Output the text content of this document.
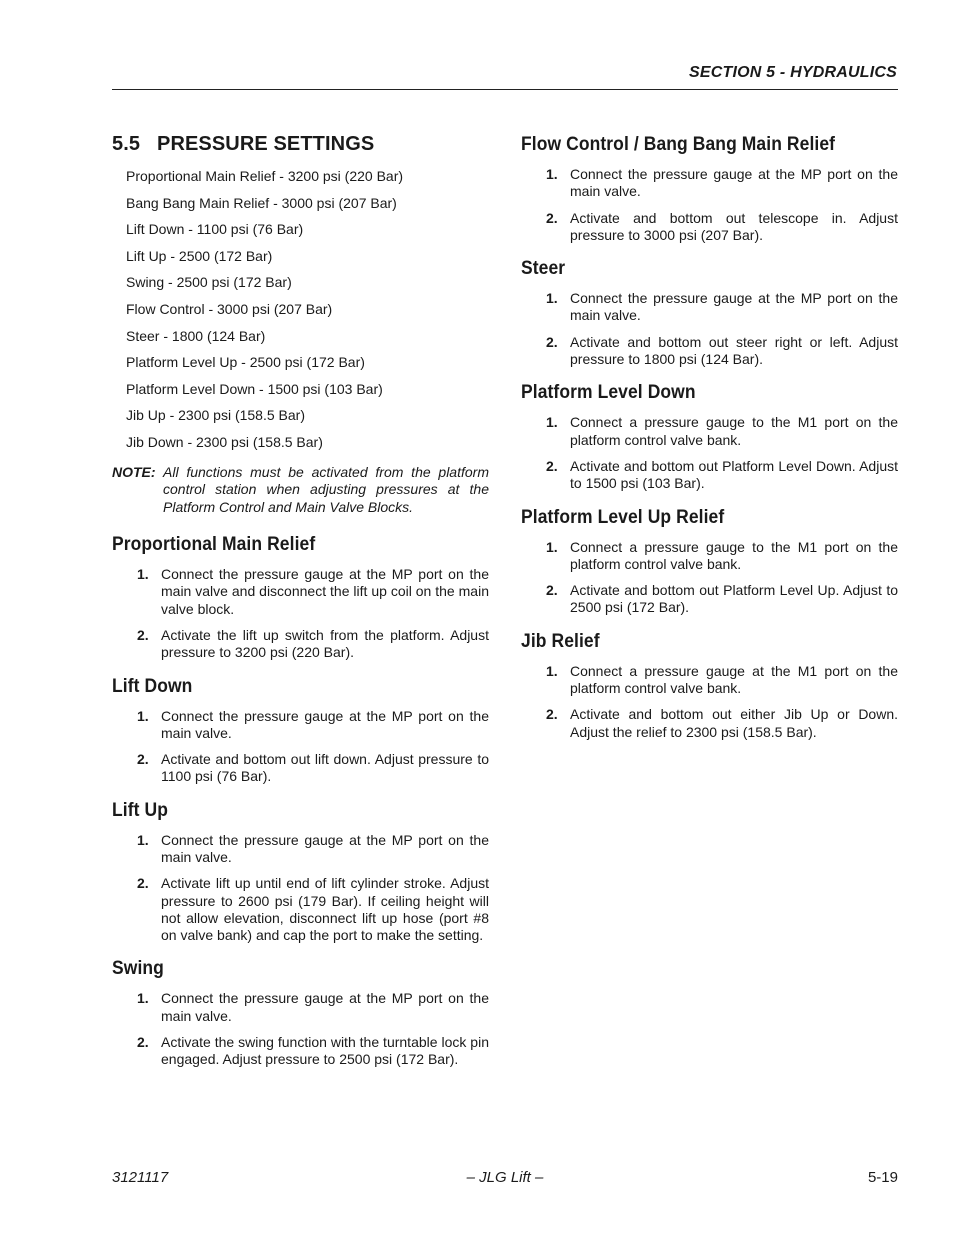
SECTION 5 - HYDRAULICS
5.5 PRESSURE SETTINGS
Proportional Main Relief - 3200 psi (220 Bar)
Bang Bang Main Relief - 3000 psi (207 Bar)
Lift Down - 1100 psi (76 Bar)
Lift Up - 2500 (172 Bar)
Swing - 2500 psi (172 Bar)
Flow Control - 3000 psi (207 Bar)
Steer - 1800 (124 Bar)
Platform Level Up - 2500 psi (172 Bar)
Platform Level Down - 1500 psi (103 Bar)
Jib Up - 2300 psi (158.5 Bar)
Jib Down - 2300 psi (158.5 Bar)
NOTE: All functions must be activated from the platform control station when adjusting pressures at the Platform Control and Main Valve Blocks.
Proportional Main Relief
1. Connect the pressure gauge at the MP port on the main valve and disconnect the lift up coil on the main valve block.
2. Activate the lift up switch from the platform. Adjust pressure to 3200 psi (220 Bar).
Lift Down
1. Connect the pressure gauge at the MP port on the main valve.
2. Activate and bottom out lift down. Adjust pressure to 1100 psi (76 Bar).
Lift Up
1. Connect the pressure gauge at the MP port on the main valve.
2. Activate lift up until end of lift cylinder stroke. Adjust pressure to 2600 psi (179 Bar). If ceiling height will not allow elevation, disconnect lift up hose (port #8 on valve bank) and cap the port to make the setting.
Swing
1. Connect the pressure gauge at the MP port on the main valve.
2. Activate the swing function with the turntable lock pin engaged. Adjust pressure to 2500 psi (172 Bar).
Flow Control / Bang Bang Main Relief
1. Connect the pressure gauge at the MP port on the main valve.
2. Activate and bottom out telescope in. Adjust pressure to 3000 psi (207 Bar).
Steer
1. Connect the pressure gauge at the MP port on the main valve.
2. Activate and bottom out steer right or left. Adjust pressure to 1800 psi (124 Bar).
Platform Level Down
1. Connect a pressure gauge to the M1 port on the platform control valve bank.
2. Activate and bottom out Platform Level Down. Adjust to 1500 psi (103 Bar).
Platform Level Up Relief
1. Connect a pressure gauge to the M1 port on the platform control valve bank.
2. Activate and bottom out Platform Level Up. Adjust to 2500 psi (172 Bar).
Jib Relief
1. Connect a pressure gauge at the M1 port on the platform control valve bank.
2. Activate and bottom out either Jib Up or Down. Adjust the relief to 2300 psi (158.5 Bar).
3121117	– JLG Lift –	5-19
